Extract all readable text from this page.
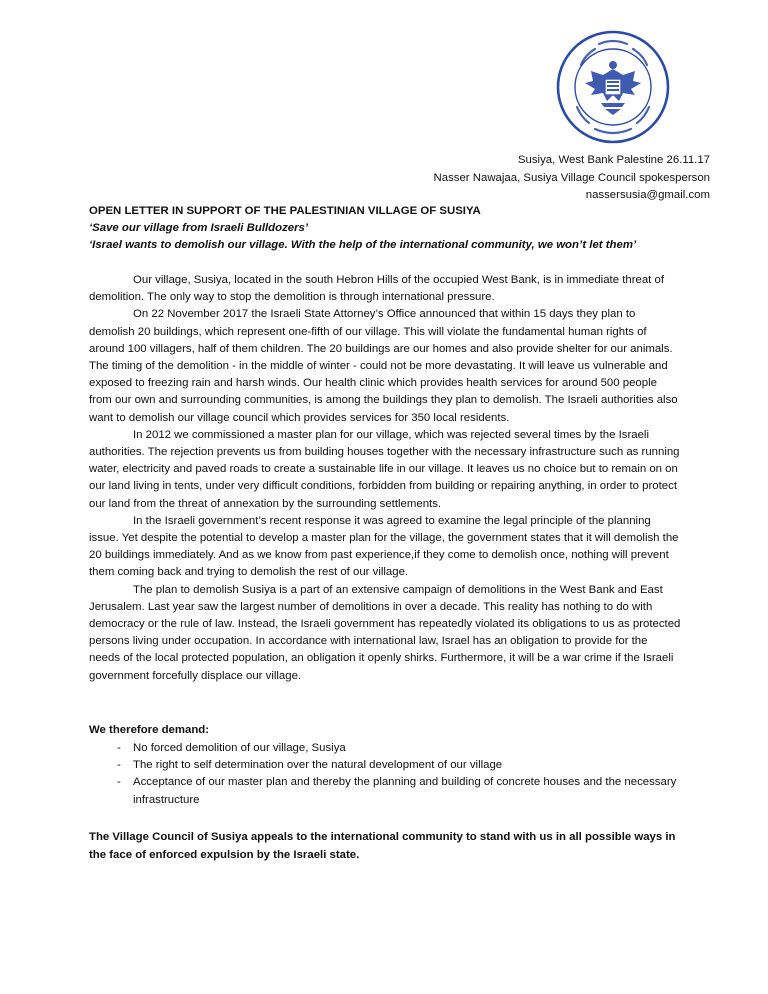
Susiya, West Bank Palestine 26.11.17
Nasser Nawajaa, Susiya Village Council spokesperson
nassersusia@gmail.com
OPEN LETTER IN SUPPORT OF THE PALESTINIAN VILLAGE OF SUSIYA
‘Save our village from Israeli Bulldozers’
‘Israel wants to demolish our village. With the help of the international community, we won’t let them’

Our village, Susiya, located in the south Hebron Hills of the occupied West Bank, is in immediate threat of demolition. The only way to stop the demolition is through international pressure.

On 22 November 2017 the Israeli State Attorney’s Office announced that within 15 days they plan to demolish 20 buildings, which represent one-fifth of our village. This will violate the fundamental human rights of around 100 villagers, half of them children. The 20 buildings are our homes and also provide shelter for our animals. The timing of the demolition - in the middle of winter - could not be more devastating. It will leave us vulnerable and exposed to freezing rain and harsh winds. Our health clinic which provides health services for around 500 people from our own and surrounding communities, is among the buildings they plan to demolish. The Israeli authorities also want to demolish our village council which provides services for 350 local residents.

In 2012 we commissioned a master plan for our village, which was rejected several times by the Israeli authorities. The rejection prevents us from building houses together with the necessary infrastructure such as running water, electricity and paved roads to create a sustainable life in our village. It leaves us no choice but to remain on on our land living in tents, under very difficult conditions, forbidden from building or repairing anything, in order to protect our land from the threat of annexation by the surrounding settlements.

In the Israeli government’s recent response it was agreed to examine the legal principle of the planning issue. Yet despite the potential to develop a master plan for the village, the government states that it will demolish the 20 buildings immediately. And as we know from past experience,if they come to demolish once, nothing will prevent them coming back and trying to demolish the rest of our village.

The plan to demolish Susiya is a part of an extensive campaign of demolitions in the West Bank and East Jerusalem. Last year saw the largest number of demolitions in over a decade. This reality has nothing to do with democracy or the rule of law. Instead, the Israeli government has repeatedly violated its obligations to us as protected persons living under occupation. In accordance with international law, Israel has an obligation to provide for the needs of the local protected population, an obligation it openly shirks. Furthermore, it will be a war crime if the Israeli government forcefully displace our village.

We therefore demand:
- No forced demolition of our village, Susiya
- The right to self determination over the natural development of our village
- Acceptance of our master plan and thereby the planning and building of concrete houses and the necessary infrastructure
The Village Council of Susiya appeals to the international community to stand with us in all possible ways in the face of enforced expulsion by the Israeli state.
